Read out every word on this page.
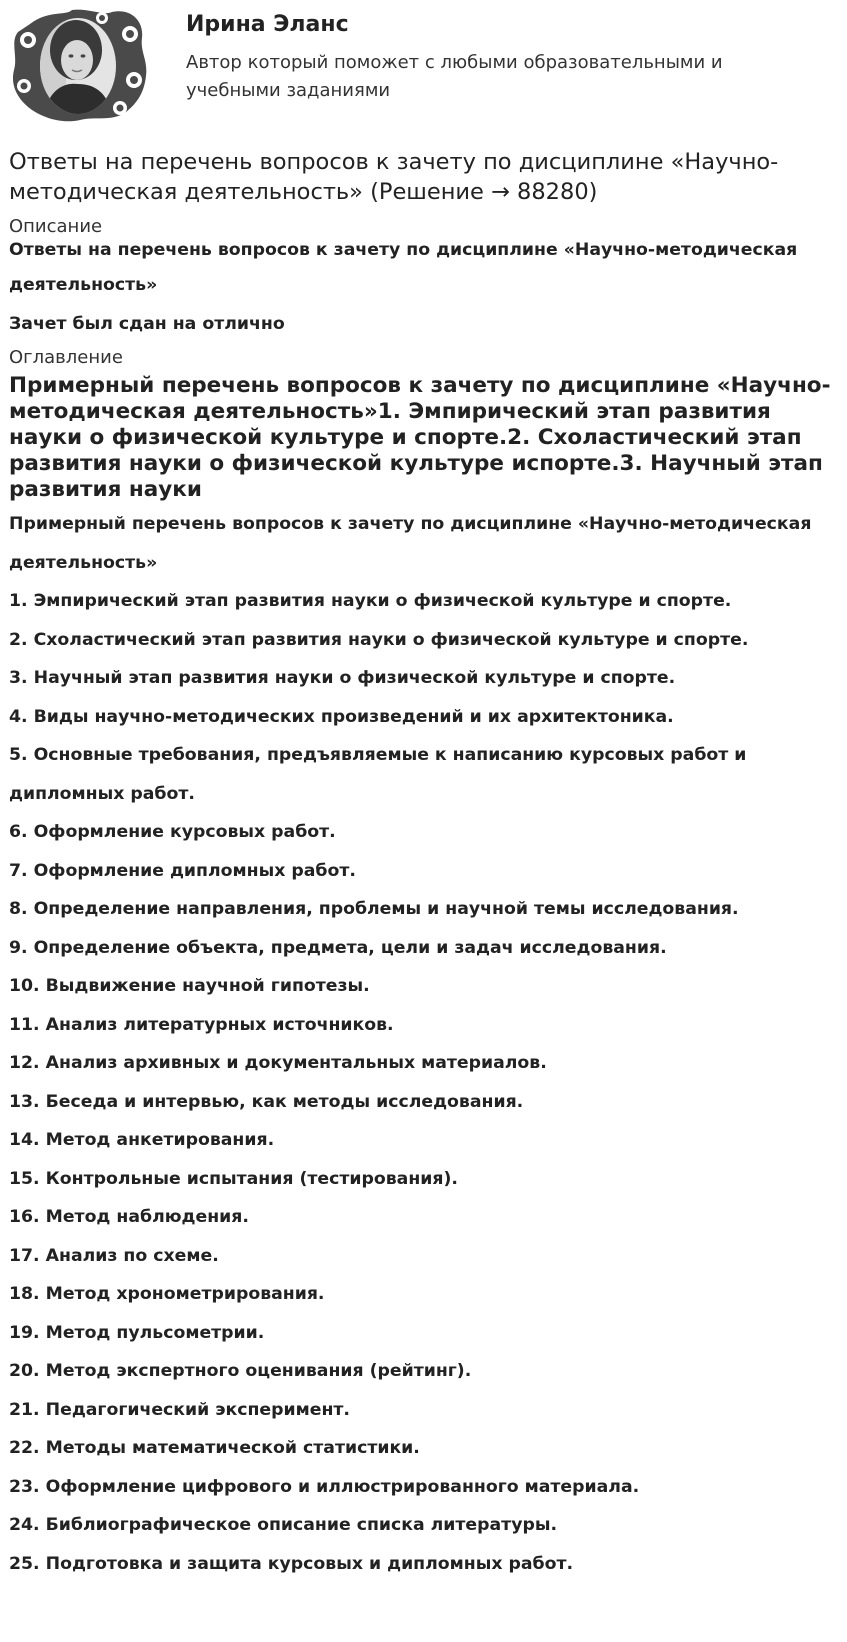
Ирина Эланс
Автор который поможет с любыми образовательными и учебными заданиями
Ответы на перечень вопросов к зачету по дисциплине «Научно-методическая деятельность» (Решение → 88280)
Описание

Ответы на перечень вопросов к зачету по дисциплине «Научно-методическая деятельность»

Зачет был сдан на отлично

Оглавление

Примерный перечень вопросов к зачету по дисциплине «Научно-методическая деятельность»1. Эмпирический этап развития науки о физической культуре и спорте.2. Схоластический этап развития науки о физической культуре испорте.3. Научный этап развития науки

Примерный перечень вопросов к зачету по дисциплине «Научно-методическая деятельность»

1. Эмпирический этап развития науки о физической культуре и спорте.

2. Схоластический этап развития науки о физической культуре и спорте.

3. Научный этап развития науки о физической культуре и спорте.

4. Виды научно-методических произведений и их архитектоника.

5. Основные требования, предъявляемые к написанию курсовых работ и дипломных работ.

6. Оформление курсовых работ.

7. Оформление дипломных работ.

8. Определение направления, проблемы и научной темы исследования.

9. Определение объекта, предмета, цели и задач исследования.

10. Выдвижение научной гипотезы.

11. Анализ литературных источников.

12. Анализ архивных и документальных материалов.

13. Беседа и интервью, как методы исследования.

14. Метод анкетирования.

15. Контрольные испытания (тестирования).

16. Метод наблюдения.

17. Анализ по схеме.

18. Метод хронометрирования.

19. Метод пульсометрии.

20. Метод экспертного оценивания (рейтинг).

21. Педагогический эксперимент.

22. Методы математической статистики.

23. Оформление цифрового и иллюстрированного материала.

24. Библиографическое описание списка литературы.

25. Подготовка и защита курсовых и дипломных работ.
